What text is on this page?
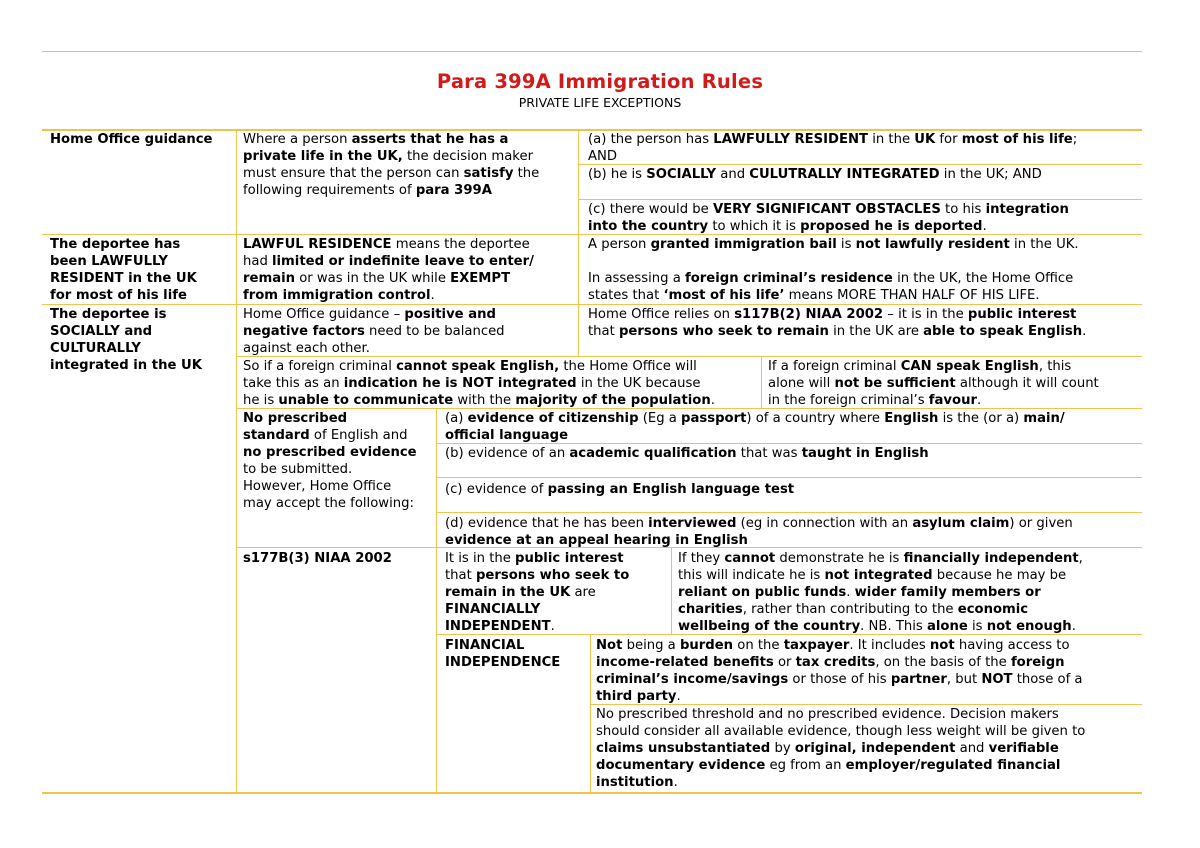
Para 399A Immigration Rules
PRIVATE LIFE EXCEPTIONS
Home Office guidance Where a person asserts that he has a
private life in the UK, the decision maker
must ensure that the person can satisfy the
following requirements of para 399A
(a) the person has LAWFULLY RESIDENT in the UK for most of his life;
AND
(b) he is SOCIALLY and CULUTRALLY INTEGRATED in the UK; AND
(c) there would be VERY SIGNIFICANT OBSTACLES to his integration
into the country to which it is proposed he is deported.
The deportee has
been LAWFULLY
RESIDENT in the UK
for most of his life
LAWFUL RESIDENCE means the deportee
had limited or indefinite leave to enter/
remain or was in the UK while EXEMPT
from immigration control.
A person granted immigration bail is not lawfully resident in the UK.

In assessing a foreign criminal’s residence in the UK, the Home Office
states that ‘most of his life’ means MORE THAN HALF OF HIS LIFE.
The deportee is
SOCIALLY and
CULTURALLY
integrated in the UK
Home Office guidance – positive and
negative factors need to be balanced
against each other.
Home Office relies on s117B(2) NIAA 2002 – it is in the public interest
that persons who seek to remain in the UK are able to speak English.
So if a foreign criminal cannot speak English, the Home Office will
take this as an indication he is NOT integrated in the UK because
he is unable to communicate with the majority of the population.
If a foreign criminal CAN speak English, this
alone will not be sufficient although it will count
in the foreign criminal’s favour.
No prescribed
standard of English and
no prescribed evidence
to be submitted.
However, Home Office
may accept the following:
(a) evidence of citizenship (Eg a passport) of a country where English is the (or a) main/
official language
(b) evidence of an academic qualification that was taught in English
(c) evidence of passing an English language test
(d) evidence that he has been interviewed (eg in connection with an asylum claim) or given
evidence at an appeal hearing in English
s177B(3) NIAA 2002	It is in the public interest
that persons who seek to
remain in the UK are
FINANCIALLY
INDEPENDENT.
If they cannot demonstrate he is financially independent,
this will indicate he is not integrated because he may be
reliant on public funds. wider family members or
charities, rather than contributing to the economic
wellbeing of the country. NB. This alone is not enough.
FINANCIAL
INDEPENDENCE
Not being a burden on the taxpayer. It includes not having access to
income-related benefits or tax credits, on the basis of the foreign
criminal’s income/savings or those of his partner, but NOT those of a
third party.
No prescribed threshold and no prescribed evidence. Decision makers
should consider all available evidence, though less weight will be given to
claims unsubstantiated by original, independent and verifiable
documentary evidence eg from an employer/regulated financial
institution.
